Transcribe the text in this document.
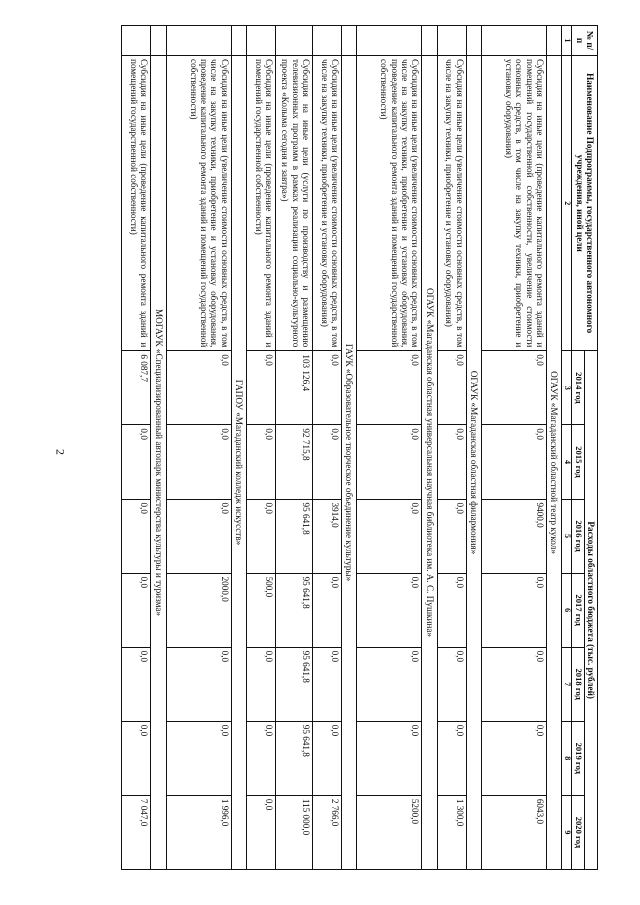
2
№ п/п	Наименование Подпрограммы, государственного автономного учреждения, иной цели	Расходы областного бюджета (тыс. рублей)						
		2014 год	2015 год	2016 год	2017 год	2018 год	2019 год	2020 год
1	2	3	4	5	6	7	8	9
	ОГАУК «Магаданский областной театр кукол»							
	Субсидия на иные цели (проведение капитального ремонта зданий и помещений государственной собственности, увеличение стоимости основных средств, в том числе на закупку техники, приобретение и установку оборудования)	0,0	0,0	9400,0	0,0	0,0	0,0	6043,0
	ОГАУК «Магаданская областная филармония»							
	Субсидия на иные цели (увеличение стоимости основных средств, в том числе на закупку техники, приобретение и установку оборудования)	0,0	0,0	0,0	0,0	0,0	0,0	1 300,0
	ОГАУК «Магаданская областная универсальная научная библиотека им. А. С. Пушкина»							
	Субсидия на иные цели (увеличение стоимости основных средств, в том числе на закупку техники, приобретение и установку оборудования, проведение капитального ремонта зданий и помещений государственной собственности)	0,0	0,0	0,0	0,0	0,0	0,0	5200,0
	ГАУК «Образовательное творческое объединение культуры»							
	Субсидия на иные цели (увеличение стоимости основных средств, в том числе на закупку техники, приобретение и установку оборудования)	0,0	0,0	3914,0	0,0	0,0	0,0	2 766,0
	Субсидия на иные цели (услуги по производству и размещению телевизионных программ в рамках реализации социально-культурного проекта «Колыма сегодня и завтра»)	103 126,4	92 715,8	95 641,8	95 641,8	95 641,8	95 641,8	115 000,0
	Субсидия на иные цели (проведение капитального ремонта зданий и помещений государственной собственности)	0,0	0,0	0,0	500,0	0,0	0,0	0,0
	ГАПОУ «Магаданский колледж искусств»							
	Субсидия на иные цели (увеличение стоимости основных средств, в том числе на закупку техники, приобретение и установку оборудования, проведение капитального ремонта зданий и помещений государственной собственности)	0,0	0,0	0,0	2000,0	0,0	0,0	1 996,0
	МОГАУК «Специализированный автопарк министерства культуры и туризма»							
	Субсидия на иные цели (проведение капитального ремонта зданий и помещений государственной собственности)	6 087,7	0,0	0,0	0,0	0,0	0,0	7 047,0
